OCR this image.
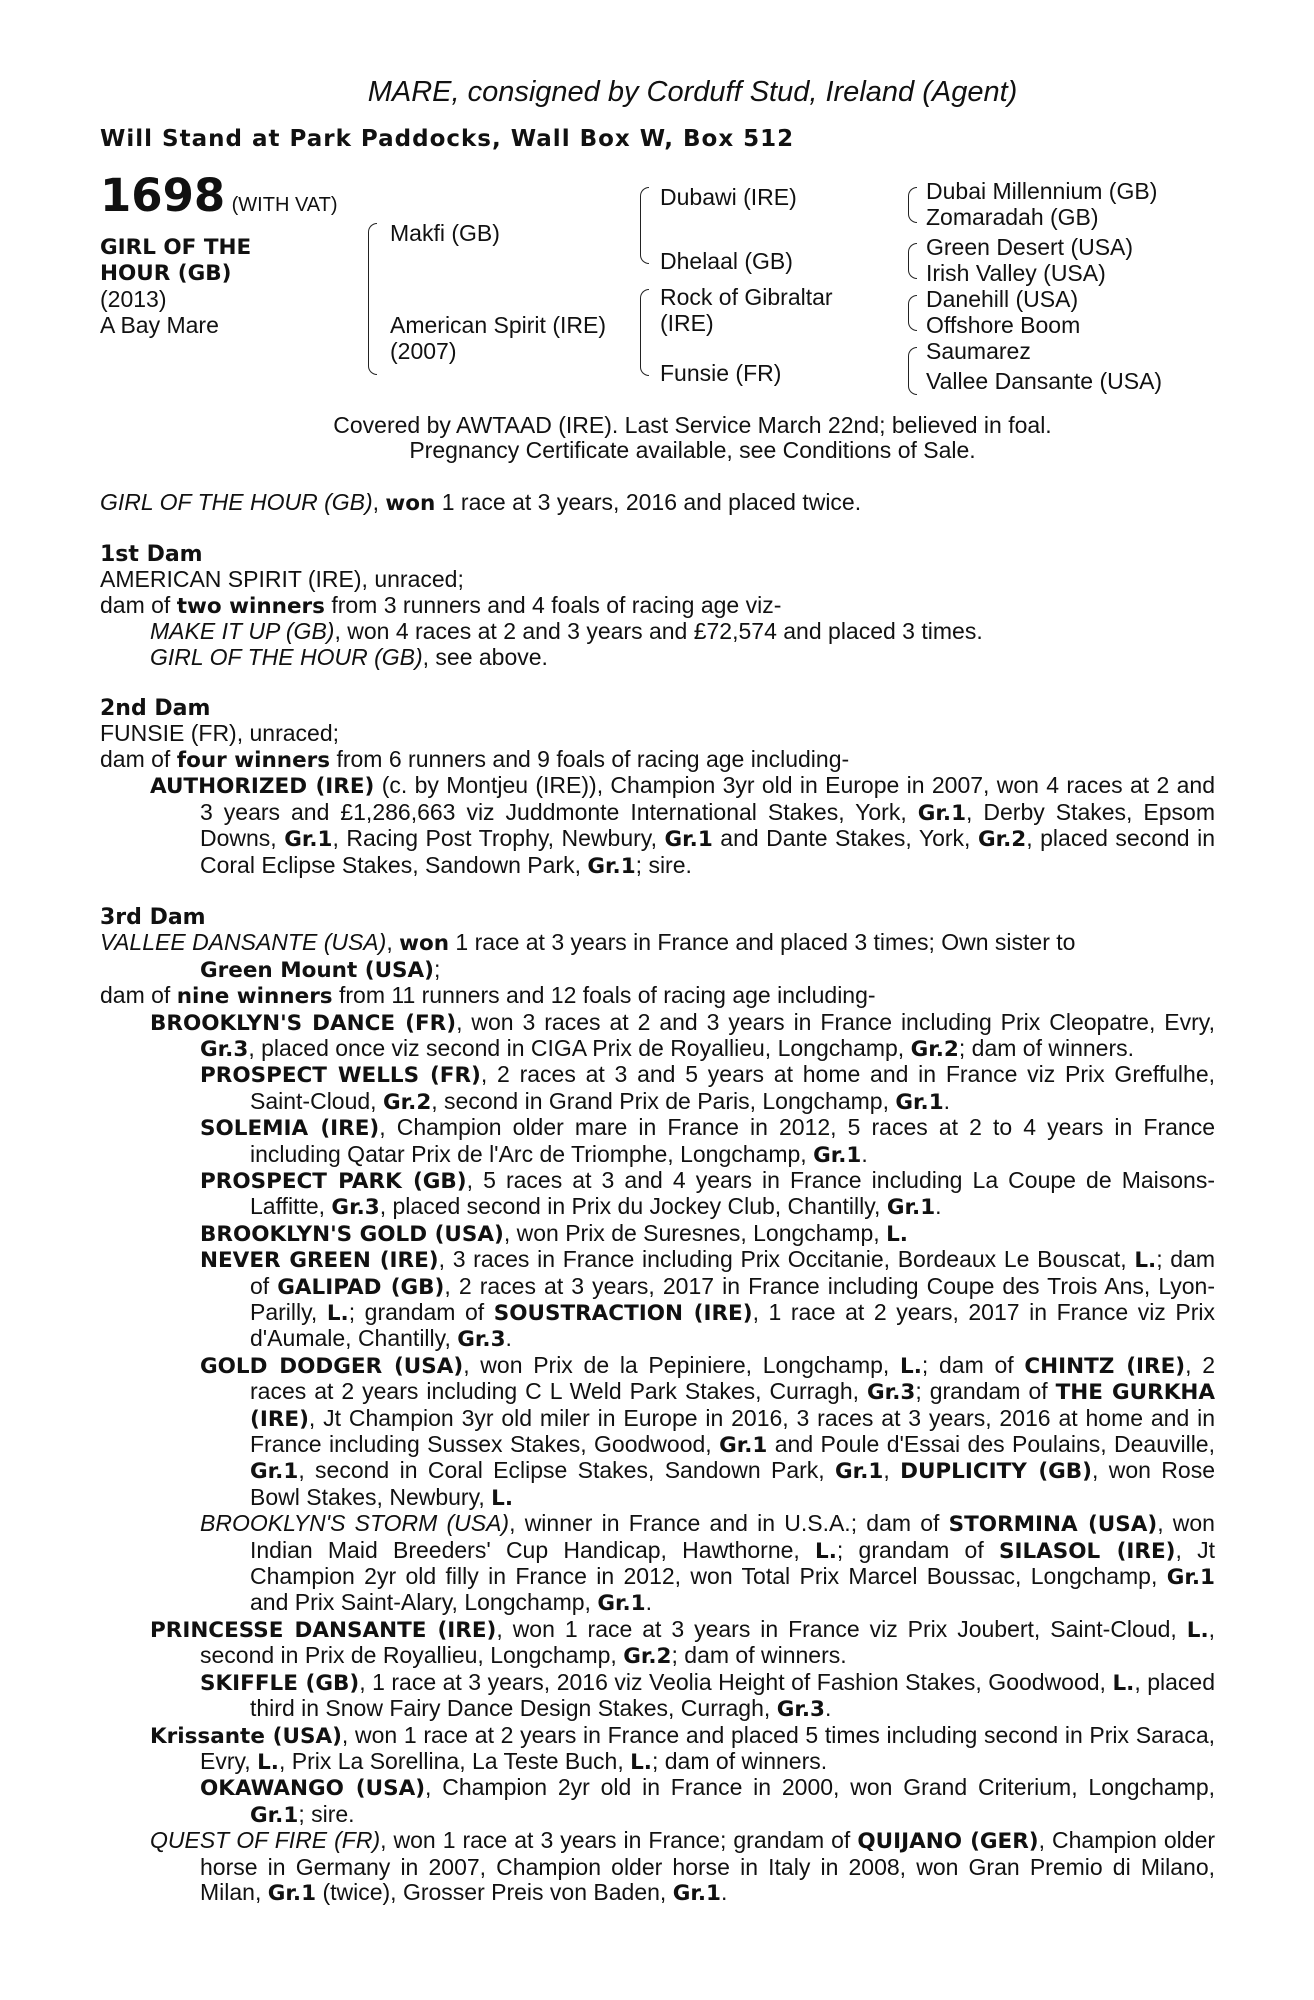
MARE, consigned by Corduff Stud, Ireland (Agent)
Will Stand at Park Paddocks, Wall Box W, Box 512
1698 (WITH VAT)
GIRL OF THE
HOUR (GB)
(2013)
A Bay Mare
Makfi (GB)
American Spirit (IRE)
(2007)
Dubawi (IRE)
Dhelaal (GB)
Rock of Gibraltar
(IRE)
Funsie (FR)
Dubai Millennium (GB)
Zomaradah (GB)
Green Desert (USA)
Irish Valley (USA)
Danehill (USA)
Offshore Boom
Saumarez
Vallee Dansante (USA)
Covered by AWTAAD (IRE). Last Service March 22nd; believed in foal.
Pregnancy Certificate available, see Conditions of Sale.
GIRL OF THE HOUR (GB), won 1 race at 3 years, 2016 and placed twice.
1st Dam
AMERICAN SPIRIT (IRE), unraced;
dam of two winners from 3 runners and 4 foals of racing age viz-
MAKE IT UP (GB), won 4 races at 2 and 3 years and £72,574 and placed 3 times.
GIRL OF THE HOUR (GB), see above.
2nd Dam
FUNSIE (FR), unraced;
dam of four winners from 6 runners and 9 foals of racing age including-
AUTHORIZED (IRE) (c. by Montjeu (IRE)), Champion 3yr old in Europe in 2007, won 4 races at 2 and 3 years and £1,286,663 viz Juddmonte International Stakes, York, Gr.1, Derby Stakes, Epsom Downs, Gr.1, Racing Post Trophy, Newbury, Gr.1 and Dante Stakes, York, Gr.2, placed second in Coral Eclipse Stakes, Sandown Park, Gr.1; sire.
3rd Dam
VALLEE DANSANTE (USA), won 1 race at 3 years in France and placed 3 times; Own sister to
Green Mount (USA);
dam of nine winners from 11 runners and 12 foals of racing age including-
BROOKLYN'S DANCE (FR), won 3 races at 2 and 3 years in France including Prix Cleopatre, Evry, Gr.3, placed once viz second in CIGA Prix de Royallieu, Longchamp, Gr.2; dam of winners.
PROSPECT WELLS (FR), 2 races at 3 and 5 years at home and in France viz Prix Greffulhe, Saint-Cloud, Gr.2, second in Grand Prix de Paris, Longchamp, Gr.1.
SOLEMIA (IRE), Champion older mare in France in 2012, 5 races at 2 to 4 years in France including Qatar Prix de l'Arc de Triomphe, Longchamp, Gr.1.
PROSPECT PARK (GB), 5 races at 3 and 4 years in France including La Coupe de Maisons-Laffitte, Gr.3, placed second in Prix du Jockey Club, Chantilly, Gr.1.
BROOKLYN'S GOLD (USA), won Prix de Suresnes, Longchamp, L.
NEVER GREEN (IRE), 3 races in France including Prix Occitanie, Bordeaux Le Bouscat, L.; dam of GALIPAD (GB), 2 races at 3 years, 2017 in France including Coupe des Trois Ans, Lyon-Parilly, L.; grandam of SOUSTRACTION (IRE), 1 race at 2 years, 2017 in France viz Prix d'Aumale, Chantilly, Gr.3.
GOLD DODGER (USA), won Prix de la Pepiniere, Longchamp, L.; dam of CHINTZ (IRE), 2 races at 2 years including C L Weld Park Stakes, Curragh, Gr.3; grandam of THE GURKHA (IRE), Jt Champion 3yr old miler in Europe in 2016, 3 races at 3 years, 2016 at home and in France including Sussex Stakes, Goodwood, Gr.1 and Poule d'Essai des Poulains, Deauville, Gr.1, second in Coral Eclipse Stakes, Sandown Park, Gr.1, DUPLICITY (GB), won Rose Bowl Stakes, Newbury, L.
BROOKLYN'S STORM (USA), winner in France and in U.S.A.; dam of STORMINA (USA), won Indian Maid Breeders' Cup Handicap, Hawthorne, L.; grandam of SILASOL (IRE), Jt Champion 2yr old filly in France in 2012, won Total Prix Marcel Boussac, Longchamp, Gr.1 and Prix Saint-Alary, Longchamp, Gr.1.
PRINCESSE DANSANTE (IRE), won 1 race at 3 years in France viz Prix Joubert, Saint-Cloud, L., second in Prix de Royallieu, Longchamp, Gr.2; dam of winners.
SKIFFLE (GB), 1 race at 3 years, 2016 viz Veolia Height of Fashion Stakes, Goodwood, L., placed third in Snow Fairy Dance Design Stakes, Curragh, Gr.3.
Krissante (USA), won 1 race at 2 years in France and placed 5 times including second in Prix Saraca, Evry, L., Prix La Sorellina, La Teste Buch, L.; dam of winners.
OKAWANGO (USA), Champion 2yr old in France in 2000, won Grand Criterium, Longchamp, Gr.1; sire.
QUEST OF FIRE (FR), won 1 race at 3 years in France; grandam of QUIJANO (GER), Champion older horse in Germany in 2007, Champion older horse in Italy in 2008, won Gran Premio di Milano, Milan, Gr.1 (twice), Grosser Preis von Baden, Gr.1.
